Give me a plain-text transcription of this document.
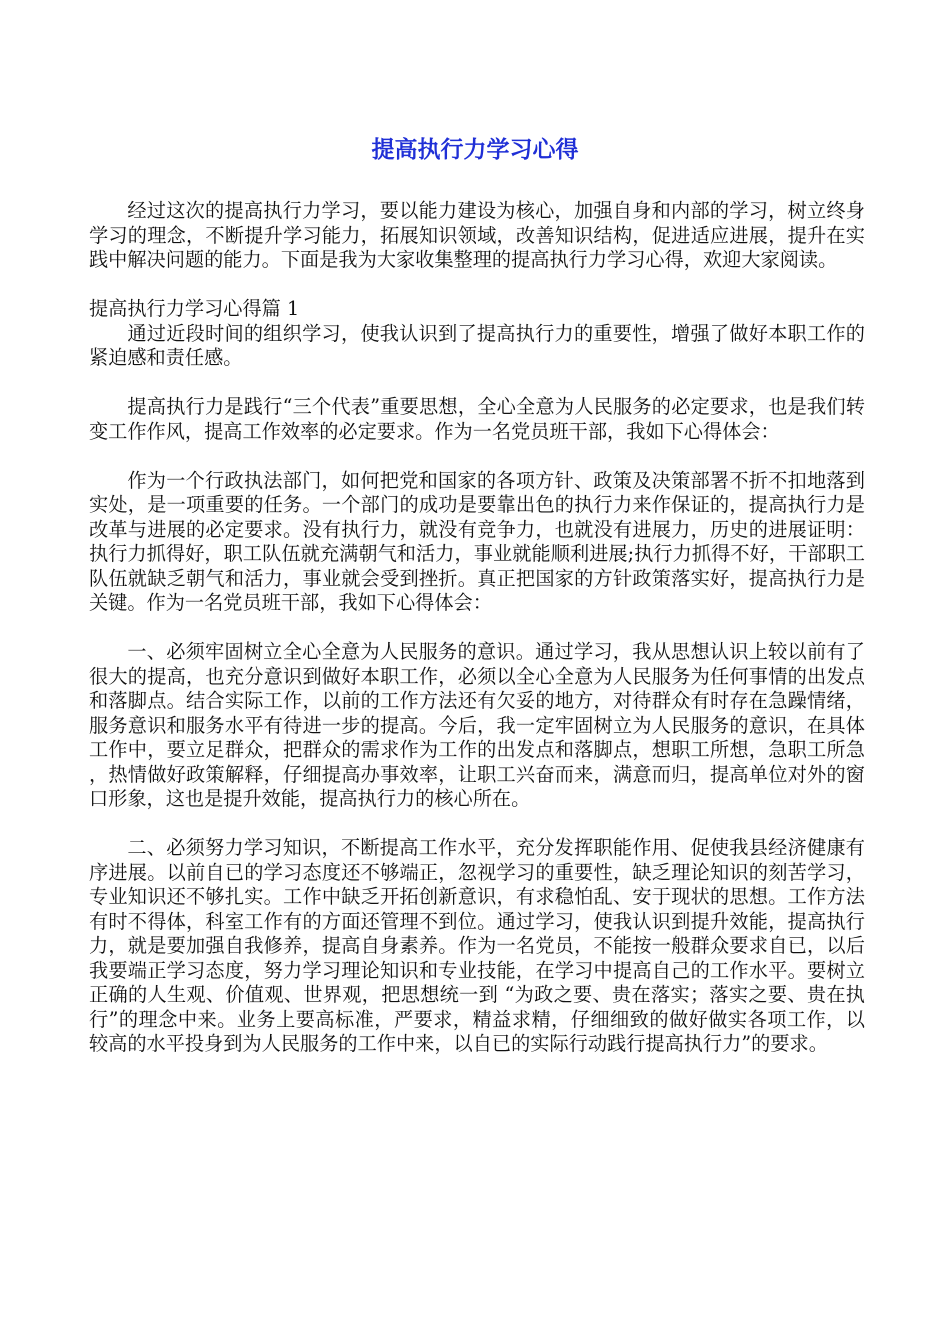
提高执行力学习心得

经过这次的提高执行力学习，要以能力建设为核心，加强自身和内部的学习，树立终身学习的理念，不断提升学习能力，拓展知识领域，改善知识结构，促进适应进展，提升在实践中解决问题的能力。下面是我为大家收集整理的提高执行力学习心得，欢迎大家阅读。

提高执行力学习心得篇 1

通过近段时间的组织学习，使我认识到了提高执行力的重要性，增强了做好本职工作的紧迫感和责任感。

提高执行力是践行“三个代表”重要思想，全心全意为人民服务的必定要求，也是我们转变工作作风，提高工作效率的必定要求。作为一名党员班干部，我如下心得体会：

作为一个行政执法部门，如何把党和国家的各项方针、政策及决策部署不折不扣地落到实处，是一项重要的任务。一个部门的成功是要靠出色的执行力来作保证的，提高执行力是改革与进展的必定要求。没有执行力，就没有竞争力，也就没有进展力，历史的进展证明：执行力抓得好，职工队伍就充满朝气和活力，事业就能顺利进展;执行力抓得不好，干部职工队伍就缺乏朝气和活力，事业就会受到挫折。真正把国家的方针政策落实好，提高执行力是关键。作为一名党员班干部，我如下心得体会：

一、必须牢固树立全心全意为人民服务的意识。通过学习，我从思想认识上较以前有了很大的提高，也充分意识到做好本职工作，必须以全心全意为人民服务为任何事情的出发点和落脚点。结合实际工作，以前的工作方法还有欠妥的地方，对待群众有时存在急躁情绪，服务意识和服务水平有待进一步的提高。今后，我一定牢固树立为人民服务的意识，在具体工作中，要立足群众，把群众的需求作为工作的出发点和落脚点，想职工所想，急职工所急，热情做好政策解释，仔细提高办事效率，让职工兴奋而来，满意而归，提高单位对外的窗口形象，这也是提升效能，提高执行力的核心所在。

二、必须努力学习知识，不断提高工作水平，充分发挥职能作用、促使我县经济健康有序进展。以前自已的学习态度还不够端正，忽视学习的重要性，缺乏理论知识的刻苦学习，专业知识还不够扎实。工作中缺乏开拓创新意识，有求稳怕乱、安于现状的思想。工作方法有时不得体，科室工作有的方面还管理不到位。通过学习，使我认识到提升效能，提高执行力，就是要加强自我修养，提高自身素养。作为一名党员，不能按一般群众要求自已，以后我要端正学习态度，努力学习理论知识和专业技能，在学习中提高自己的工作水平。要树立正确的人生观、价值观、世界观，把思想统一到 “为政之要、贵在落实；落实之要、贵在执行”的理念中来。业务上要高标准，严要求，精益求精，仔细细致的做好做实各项工作，以较高的水平投身到为人民服务的工作中来，以自已的实际行动践行提高执行力”的要求。
